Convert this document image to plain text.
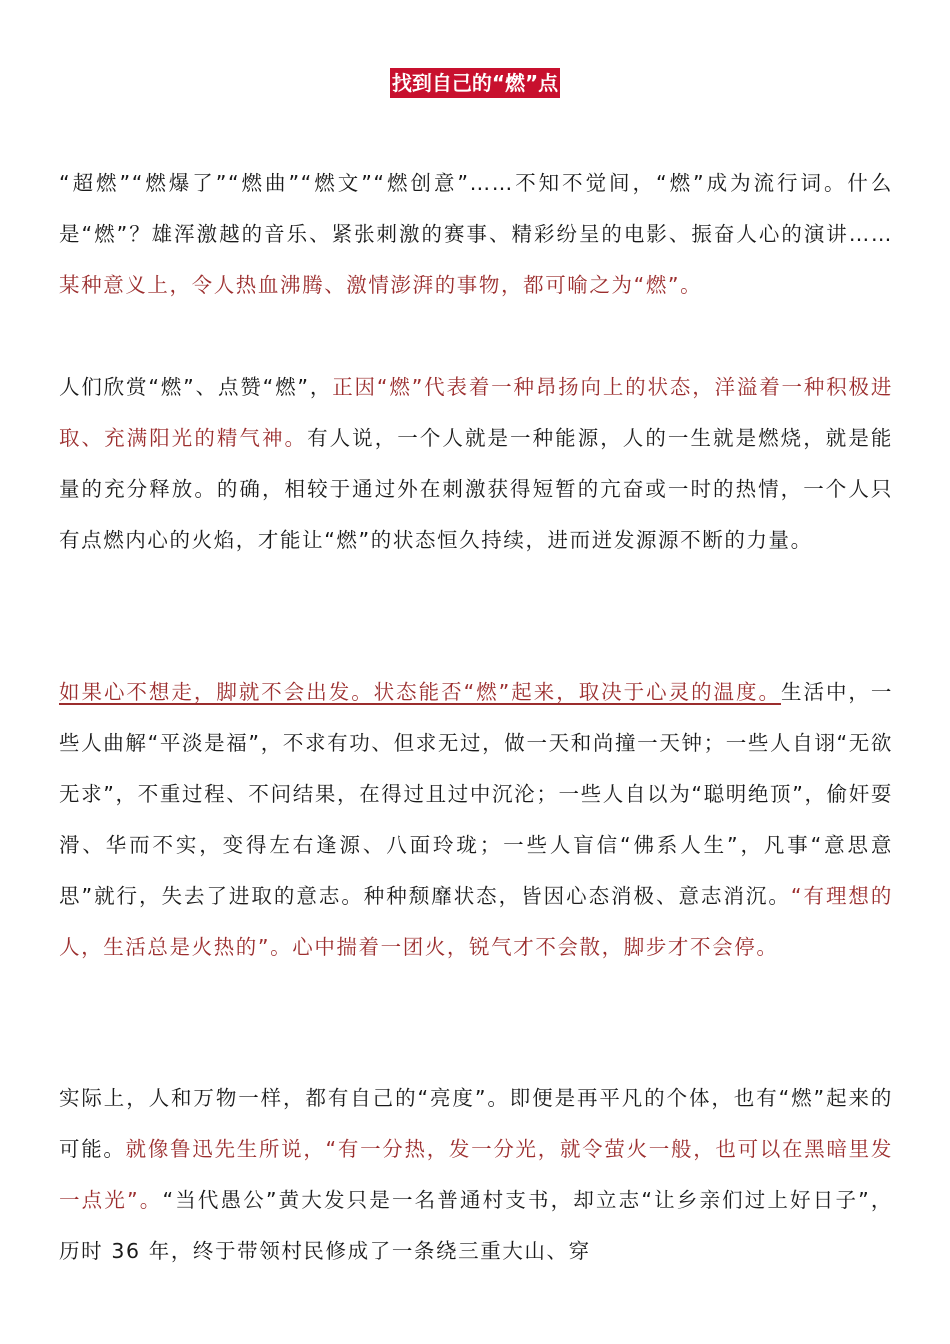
找到自己的“燃”点

“超燃”“燃爆了”“燃曲”“燃文”“燃创意”……不知不觉间，“燃”成为流行词。什么是“燃”？雄浑激越的音乐、紧张刺激的赛事、精彩纷呈的电影、振奋人心的演讲……某种意义上，令人热血沸腾、激情澎湃的事物，都可喻之为“燃”。

人们欣赏“燃”、点赞“燃”，正因“燃”代表着一种昂扬向上的状态，洋溢着一种积极进取、充满阳光的精气神。有人说，一个人就是一种能源，人的一生就是燃烧，就是能量的充分释放。的确，相较于通过外在刺激获得短暂的亢奋或一时的热情，一个人只有点燃内心的火焰，才能让“燃”的状态恒久持续，进而迸发源源不断的力量。

如果心不想走，脚就不会出发。状态能否“燃”起来，取决于心灵的温度。生活中，一些人曲解“平淡是福”，不求有功、但求无过，做一天和尚撞一天钟；一些人自诩“无欲无求”，不重过程、不问结果，在得过且过中沉沦；一些人自以为“聪明绝顶”，偷奸耍滑、华而不实，变得左右逢源、八面玲珑；一些人盲信“佛系人生”，凡事“意思意思”就行，失去了进取的意志。种种颓靡状态，皆因心态消极、意志消沉。“有理想的人，生活总是火热的”。心中揣着一团火，锐气才不会散，脚步才不会停。

实际上，人和万物一样，都有自己的“亮度”。即便是再平凡的个体，也有“燃”起来的可能。就像鲁迅先生所说，“有一分热，发一分光，就令萤火一般，也可以在黑暗里发一点光”。“当代愚公”黄大发只是一名普通村支书，却立志“让乡亲们过上好日子”，历时 36 年，终于带领村民修成了一条绕三重大山、穿
